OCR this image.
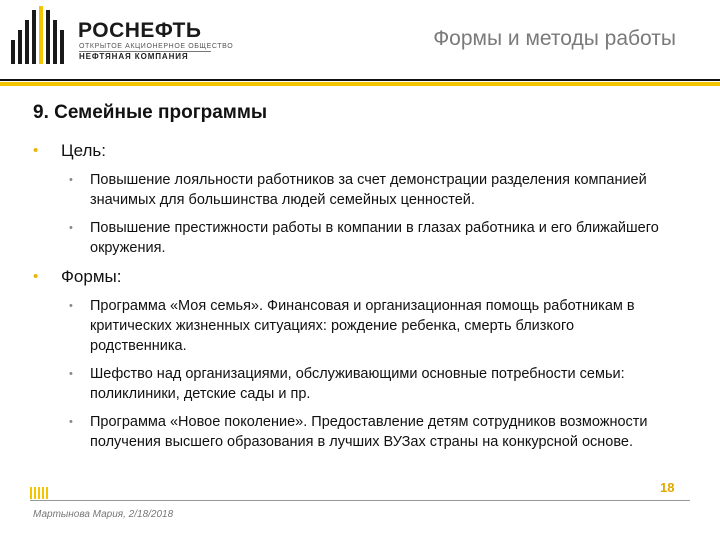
РОСНЕФТЬ
ОТКРЫТОЕ АКЦИОНЕРНОЕ ОБЩЕСТВО
НЕФТЯНАЯ КОМПАНИЯ
Формы и методы работы
9. Семейные программы
• Цель:
• Повышение лояльности работников за счет демонстрации разделения компанией значимых для большинства людей семейных ценностей.
• Повышение престижности работы в компании в глазах работника и его ближайшего окружения.
• Формы:
• Программа «Моя семья». Финансовая и организационная помощь работникам в критических жизненных ситуациях: рождение ребенка, смерть близкого родственника.
• Шефство над организациями, обслуживающими основные потребности семьи: поликлиники, детские сады и пр.
• Программа «Новое поколение». Предоставление детям сотрудников возможности получения высшего образования в лучших ВУЗах страны на конкурсной основе.
Мартынова Мария, 2/18/2018
18
